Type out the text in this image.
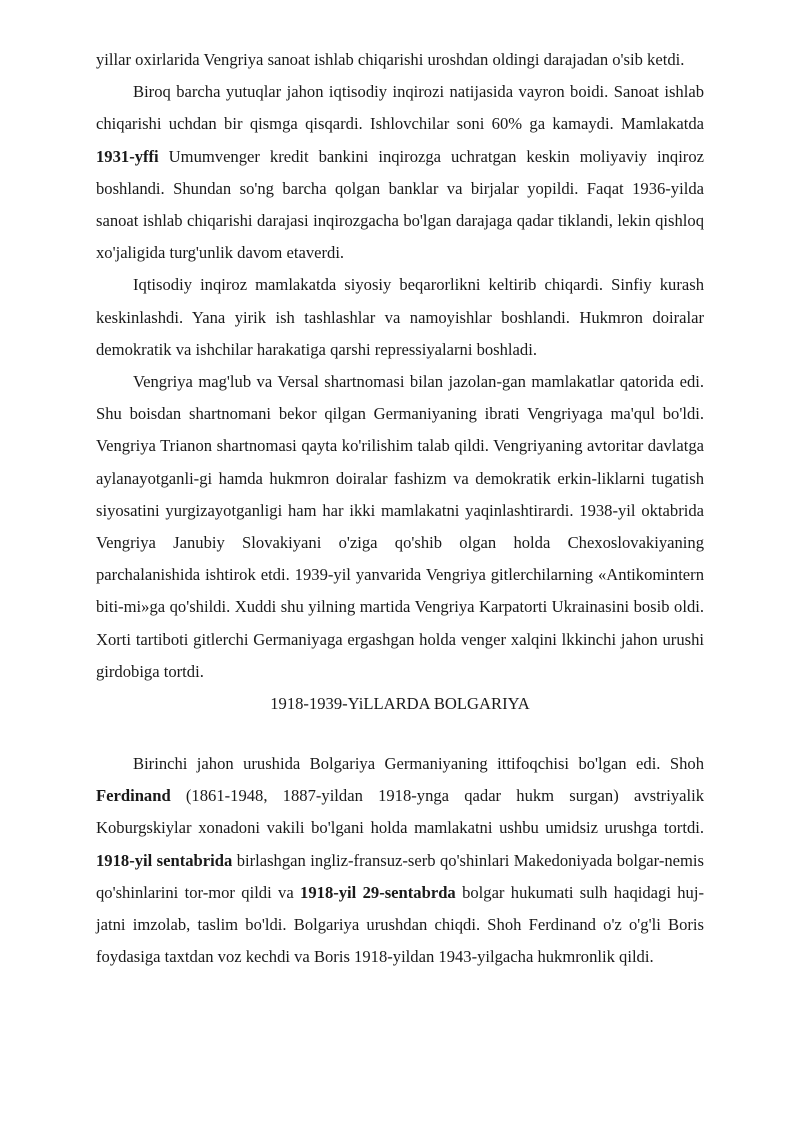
yillar oxirlarida Vengriya sanoat ishlab chiqarishi uroshdan oldingi darajadan o'sib ketdi.

Biroq barcha yutuqlar jahon iqtisodiy inqirozi natijasida vayron boidi. Sanoat ishlab chiqarishi uchdan bir qismga qisqardi. Ishlovchilar soni 60% ga kamaydi. Mamlakatda 1931-yffi Umumvenger kredit bankini inqirozga uchratgan keskin moliyaviy inqiroz boshlandi. Shundan so'ng barcha qolgan banklar va birjalar yopildi. Faqat 1936-yilda sanoat ishlab chiqarishi darajasi inqirozgacha bo'lgan darajaga qadar tiklandi, lekin qishloq xo'jaligida turg'unlik davom etaverdi.

Iqtisodiy inqiroz mamlakatda siyosiy beqarorlikni keltirib chiqardi. Sinfiy kurash keskinlashdi. Yana yirik ish tashlashlar va namoyishlar boshlandi. Hukmron doiralar demokratik va ishchilar harakatiga qarshi repressiyalarni boshladi.

Vengriya mag'lub va Versal shartnomasi bilan jazolan-gan mamlakatlar qatorida edi. Shu boisdan shartnomani bekor qilgan Germaniyaning ibrati Vengriyaga ma'qul bo'ldi. Vengriya Trianon shartnomasi qayta ko'rilishim talab qildi. Vengriyaning avtoritar davlatga aylanayotganli-gi hamda hukmron doiralar fashizm va demokratik erkin-liklarni tugatish siyosatini yurgizayotganligi ham har ikki mamlakatni yaqinlashtirardi. 1938-yil oktabrida Vengriya Janubiy Slovakiyani o'ziga qo'shib olgan holda Chexoslovakiyaning parchalanishida ishtirok etdi. 1939-yil yanvarida Vengriya gitlerchilarning «Antikomintern biti-mi»ga qo'shildi. Xuddi shu yilning martida Vengriya Karpatorti Ukrainasini bosib oldi. Xorti tartiboti gitlerchi Germaniyaga ergashgan holda venger xalqini lkkinchi jahon urushi girdobiga tortdi.

1918-1939-YiLLARDA BOLGARIYA

Birinchi jahon urushida Bolgariya Germaniyaning ittifoqchisi bo'lgan edi. Shoh Ferdinand (1861-1948, 1887-yildan 1918-ynga qadar hukm surgan) avstriyalik Koburgskiylar xonadoni vakili bo'lgani holda mamlakatni ushbu umidsiz urushga tortdi. 1918-yil sentabrida birlashgan ingliz-fransuz-serb qo'shinlari Makedoniyada bolgar-nemis qo'shinlarini tor-mor qildi va 1918-yil 29-sentabrda bolgar hukumati sulh haqidagi huj-jatni imzolab, taslim bo'ldi. Bolgariya urushdan chiqdi. Shoh Ferdinand o'z o'g'li Boris foydasiga taxtdan voz kechdi va Boris 1918-yildan 1943-yilgacha hukmronlik qildi.
